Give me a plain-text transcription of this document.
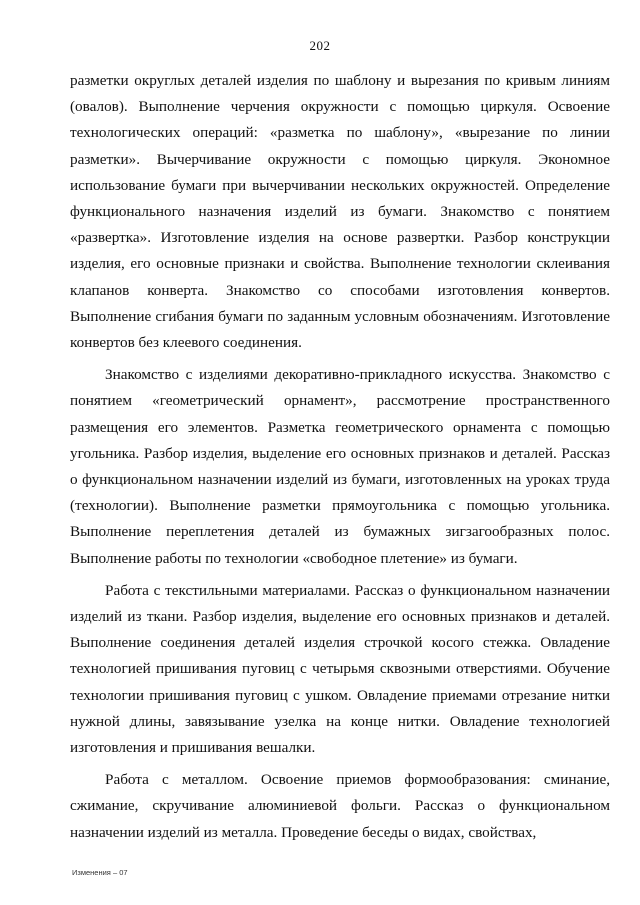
202

разметки округлых деталей изделия по шаблону и вырезания по кривым линиям (овалов). Выполнение черчения окружности с помощью циркуля. Освоение технологических операций: «разметка по шаблону», «вырезание по линии разметки». Вычерчивание окружности с помощью циркуля. Экономное использование бумаги при вычерчивании нескольких окружностей. Определение функционального назначения изделий из бумаги. Знакомство с понятием «развертка». Изготовление изделия на основе развертки. Разбор конструкции изделия, его основные признаки и свойства. Выполнение технологии склеивания клапанов конверта. Знакомство со способами изготовления конвертов. Выполнение сгибания бумаги по заданным условным обозначениям. Изготовление конвертов без клеевого соединения.

Знакомство с изделиями декоративно-прикладного искусства. Знакомство с понятием «геометрический орнамент», рассмотрение пространственного размещения его элементов. Разметка геометрического орнамента с помощью угольника. Разбор изделия, выделение его основных признаков и деталей. Рассказ о функциональном назначении изделий из бумаги, изготовленных на уроках труда (технологии). Выполнение разметки прямоугольника с помощью угольника. Выполнение переплетения деталей из бумажных зигзагообразных полос. Выполнение работы по технологии «свободное плетение» из бумаги.

Работа с текстильными материалами. Рассказ о функциональном назначении изделий из ткани. Разбор изделия, выделение его основных признаков и деталей. Выполнение соединения деталей изделия строчкой косого стежка. Овладение технологией пришивания пуговиц с четырьмя сквозными отверстиями. Обучение технологии пришивания пуговиц с ушком. Овладение приемами отрезание нитки нужной длины, завязывание узелка на конце нитки. Овладение технологией изготовления и пришивания вешалки.

Работа с металлом. Освоение приемов формообразования: сминание, сжимание, скручивание алюминиевой фольги. Рассказ о функциональном назначении изделий из металла. Проведение беседы о видах, свойствах,

Изменения – 07
